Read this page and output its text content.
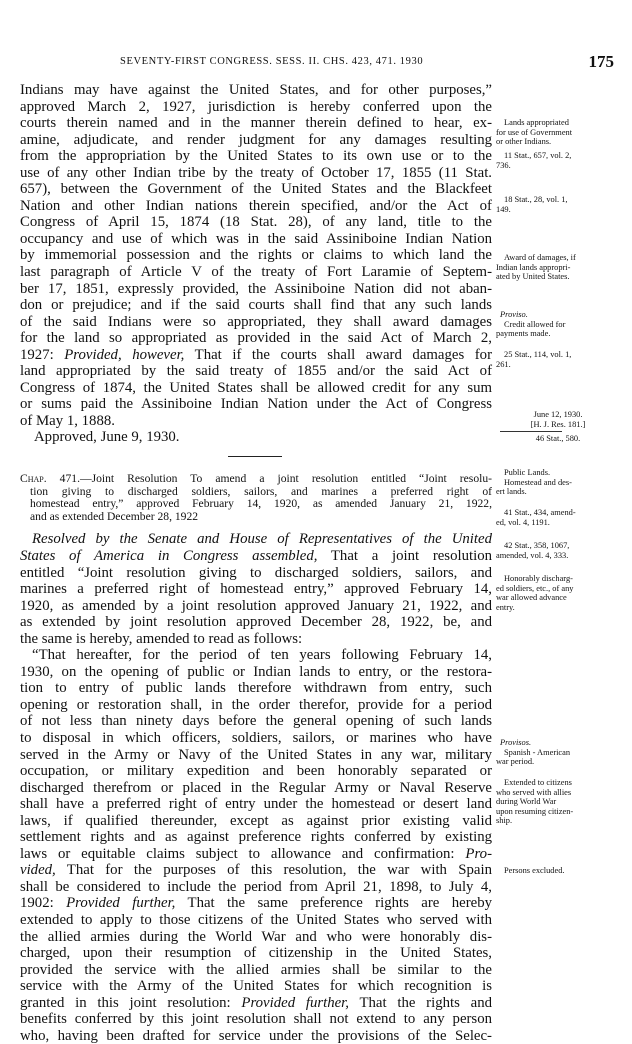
SEVENTY-FIRST CONGRESS. SESS. II. CHS. 423, 471. 1930	175
Indians may have against the United States, and for other purposes,”
approved March 2, 1927, jurisdiction is hereby conferred upon the
courts therein named and in the manner therein defined to hear, ex-
amine, adjudicate, and render judgment for any damages resulting
from the appropriation by the United States to its own use or to the
use of any other Indian tribe by the treaty of October 17, 1855 (11 Stat.
657), between the Government of the United States and the Blackfeet
Nation and other Indian nations therein specified, and/or the Act of
Congress of April 15, 1874 (18 Stat. 28), of any land, title to the
occupancy and use of which was in the said Assiniboine Indian Nation
by immemorial possession and the rights or claims to which land the
last paragraph of Article V of the treaty of Fort Laramie of Septem-
ber 17, 1851, expressly provided, the Assiniboine Nation did not aban-
don or prejudice; and if the said courts shall find that any such lands
of the said Indians were so appropriated, they shall award damages
for the land so appropriated as provided in the said Act of March 2,
1927: Provided, however, That if the courts shall award damages for
land appropriated by the said treaty of 1855 and/or the said Act of
Congress of 1874, the United States shall be allowed credit for any sum
or sums paid the Assiniboine Indian Nation under the Act of Congress
of May 1, 1888.
Approved, June 9, 1930.
Chap. 471.—Joint Resolution To amend a joint resolution entitled “Joint resolu-
tion giving to discharged soldiers, sailors, and marines a preferred right of
homestead entry,” approved February 14, 1920, as amended January 21, 1922,
and as extended December 28, 1922
Resolved by the Senate and House of Representatives of the United
States of America in Congress assembled, That a joint resolution
entitled “Joint resolution giving to discharged soldiers, sailors, and
marines a preferred right of homestead entry,” approved February 14,
1920, as amended by a joint resolution approved January 21, 1922, and
as extended by joint resolution approved December 28, 1922, be, and
the same is hereby, amended to read as follows:
“That hereafter, for the period of ten years following February 14,
1930, on the opening of public or Indian lands to entry, or the restora-
tion to entry of public lands therefore withdrawn from entry, such
opening or restoration shall, in the order therefor, provide for a period
of not less than ninety days before the general opening of such lands
to disposal in which officers, soldiers, sailors, or marines who have
served in the Army or Navy of the United States in any war, military
occupation, or military expedition and been honorably separated or
discharged therefrom or placed in the Regular Army or Naval Reserve
shall have a preferred right of entry under the homestead or desert land
laws, if qualified thereunder, except as against prior existing valid
settlement rights and as against preference rights conferred by existing
laws or equitable claims subject to allowance and confirmation: Pro-
vided, That for the purposes of this resolution, the war with Spain
shall be considered to include the period from April 21, 1898, to July 4,
1902: Provided further, That the same preference rights are hereby
extended to apply to those citizens of the United States who served with
the allied armies during the World War and who were honorably dis-
charged, upon their resumption of citizenship in the United States,
provided the service with the allied armies shall be similar to the
service with the Army of the United States for which recognition is
granted in this joint resolution: Provided further, That the rights and
benefits conferred by this joint resolution shall not extend to any person
who, having been drafted for service under the provisions of the Selec-
Lands appropriated
for use of Government
or other Indians.
11 Stat., 657, vol. 2,
736.
18 Stat., 28, vol. 1,
149.
Award of damages, if
Indian lands appropri-
ated by United States.
Proviso.
Credit allowed for
payments made.
25 Stat., 114, vol. 1,
261.
June 12, 1930.
[H. J. Res. 181.]
46 Stat., 580.
Public Lands.
Homestead and des-
ert lands.
41 Stat., 434, amend-
ed, vol. 4, 1191.
42 Stat., 358, 1067,
amended, vol. 4, 333.
Honorably discharg-
ed soldiers, etc., of any
war allowed advance
entry.
Provisos.
Spanish - American
war period.
Extended to citizens
who served with allies
during World War
upon resuming citizen-
ship.
Persons excluded.
